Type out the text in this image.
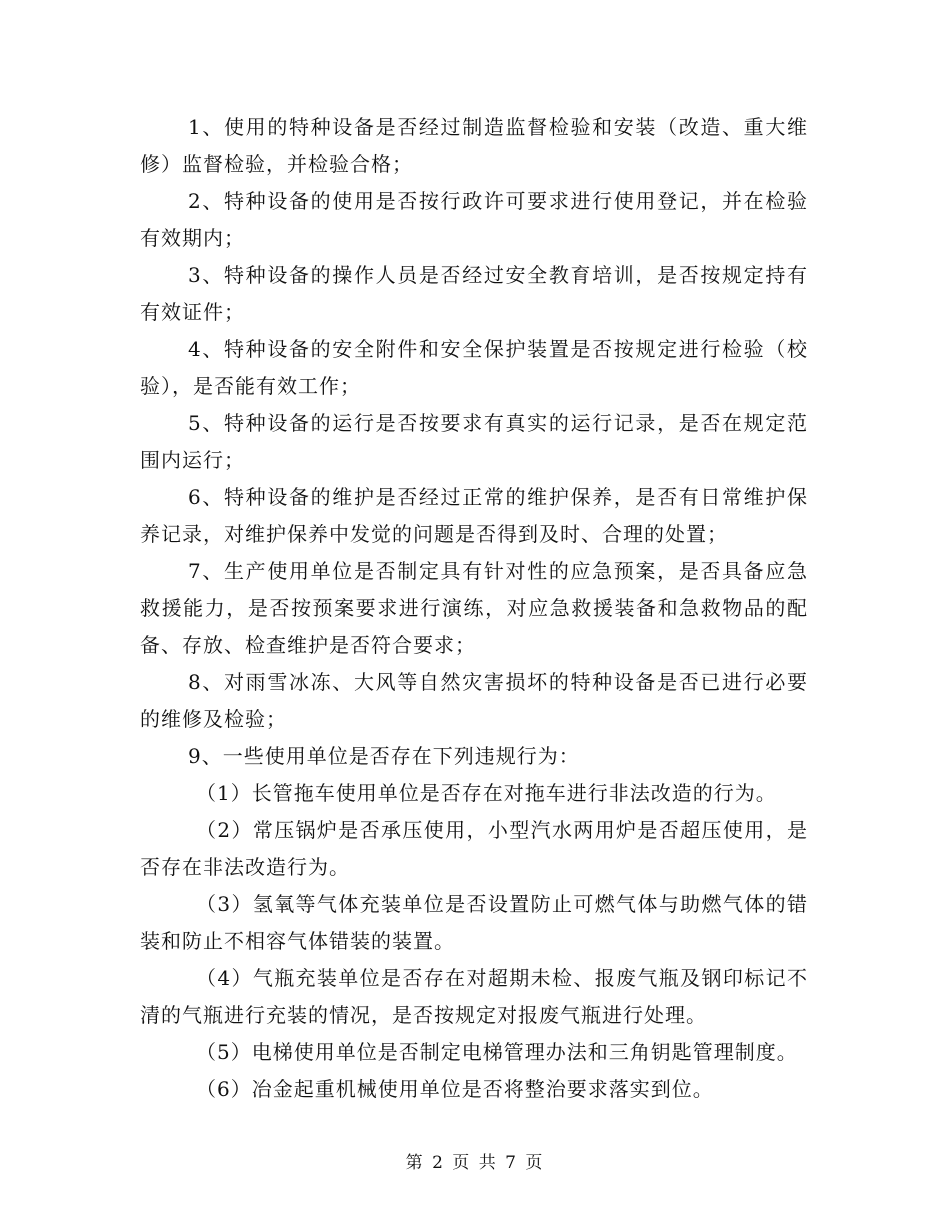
1、使用的特种设备是否经过制造监督检验和安装（改造、重大维修）监督检验，并检验合格；

2、特种设备的使用是否按行政许可要求进行使用登记，并在检验有效期内；

3、特种设备的操作人员是否经过安全教育培训，是否按规定持有有效证件；

4、特种设备的安全附件和安全保护装置是否按规定进行检验（校验），是否能有效工作；

5、特种设备的运行是否按要求有真实的运行记录，是否在规定范围内运行；

6、特种设备的维护是否经过正常的维护保养，是否有日常维护保养记录，对维护保养中发觉的问题是否得到及时、合理的处置；

7、生产使用单位是否制定具有针对性的应急预案，是否具备应急救援能力，是否按预案要求进行演练，对应急救援装备和急救物品的配备、存放、检查维护是否符合要求；

8、对雨雪冰冻、大风等自然灾害损坏的特种设备是否已进行必要的维修及检验；

9、一些使用单位是否存在下列违规行为：

（1）长管拖车使用单位是否存在对拖车进行非法改造的行为。

（2）常压锅炉是否承压使用，小型汽水两用炉是否超压使用，是否存在非法改造行为。

（3）氢氧等气体充装单位是否设置防止可燃气体与助燃气体的错装和防止不相容气体错装的装置。

（4）气瓶充装单位是否存在对超期未检、报废气瓶及钢印标记不清的气瓶进行充装的情况，是否按规定对报废气瓶进行处理。

（5）电梯使用单位是否制定电梯管理办法和三角钥匙管理制度。

（6）冶金起重机械使用单位是否将整治要求落实到位。

第 2 页 共 7 页
